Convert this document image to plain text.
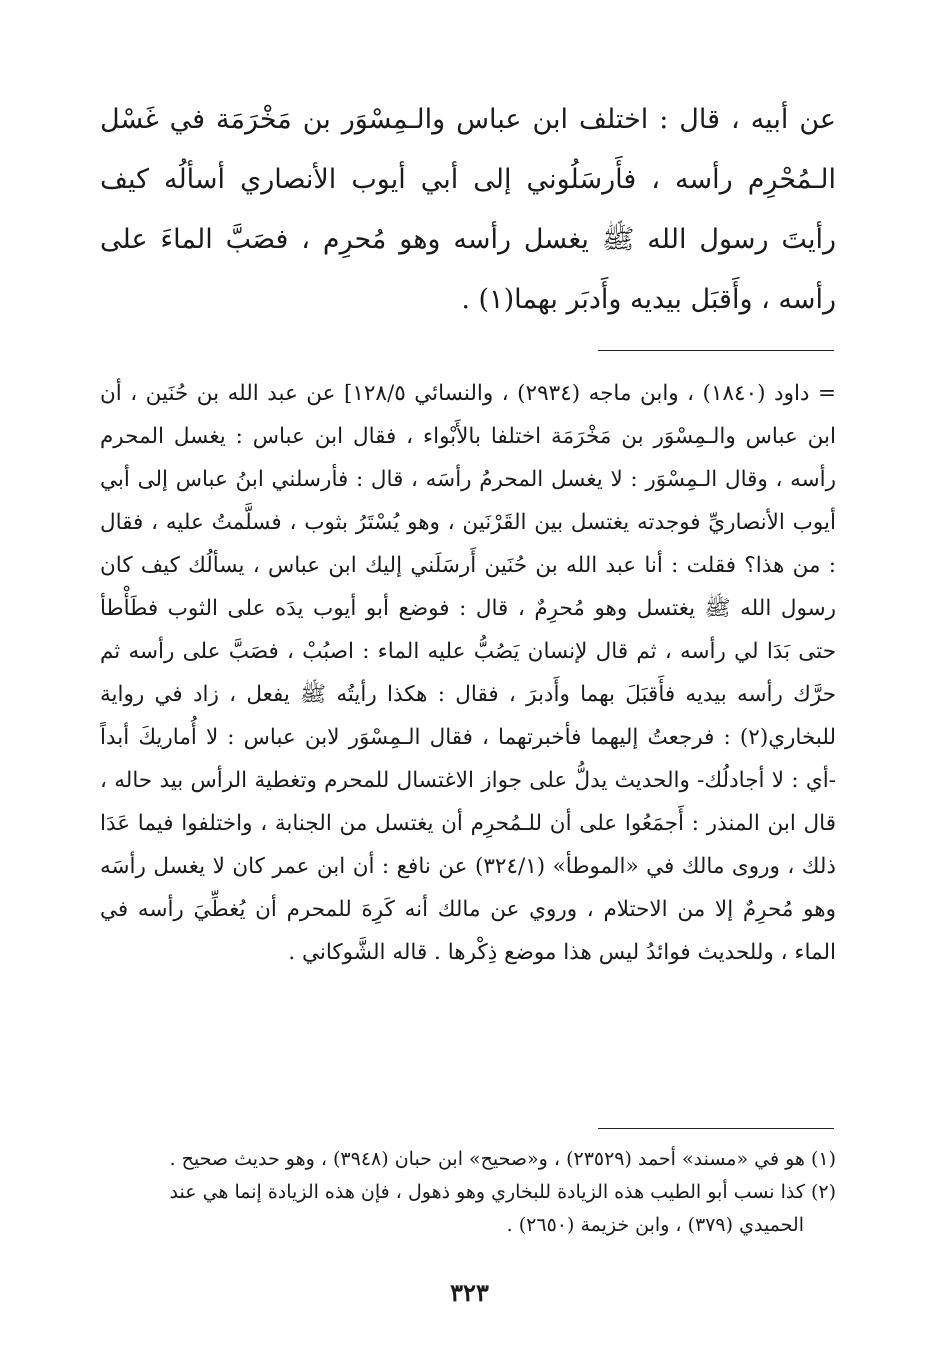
عن أبيه ، قال : اختلف ابن عباس والـمِسْوَر بن مَخْرَمَة في غَسْل الـمُحْرِم رأسه ، فأَرسَلُوني إلى أبي أيوب الأنصاري أسألُه كيف رأيتَ رسول الله ﷺ يغسل رأسه وهو مُحرِم ، فصَبَّ الماءَ على رأسه ، وأَقبَل بيديه وأَدبَر بهما(١) .

= داود (١٨٤٠) ، وابن ماجه (٢٩٣٤) ، والنسائي ١٢٨/٥] عن عبد الله بن حُنَين ، أن ابن عباس والـمِسْوَر بن مَخْرَمَة اختلفا بالأَبْواء ، فقال ابن عباس : يغسل المحرم رأسه ، وقال الـمِسْوَر : لا يغسل المحرمُ رأسَه ، قال : فأرسلني ابنُ عباس إلى أبي أيوب الأنصاريِّ فوجدته يغتسل بين القَرْنَين ، وهو يُسْتَرُ بثوب ، فسلَّمتُ عليه ، فقال : من هذا؟ فقلت : أنا عبد الله بن حُنَين أَرسَلَني إليك ابن عباس ، يسألُك كيف كان رسول الله ﷺ يغتسل وهو مُحرِمٌ ، قال : فوضع أبو أيوب يدَه على الثوب فطَأْطأ حتى بَدَا لي رأسه ، ثم قال لإنسان يَصُبُّ عليه الماء : اصبُبْ ، فصَبَّ على رأسه ثم حرَّك رأسه بيديه فأَقبَلَ بهما وأَدبرَ ، فقال : هكذا رأيتُه ﷺ يفعل ، زاد في رواية للبخاري(٢) : فرجعتُ إليهما فأخبرتهما ، فقال الـمِسْوَر لابن عباس : لا أُماريكَ أبداً -أي : لا أجادلُك- والحديث يدلُّ على جواز الاغتسال للمحرم وتغطية الرأس بيد حاله ، قال ابن المنذر : أَجمَعُوا على أن للـمُحرِم أن يغتسل من الجنابة ، واختلفوا فيما عَدَا ذلك ، وروى مالك في «الموطأ» (٣٢٤/١) عن نافع : أن ابن عمر كان لا يغسل رأسَه وهو مُحرِمٌ إلا من الاحتلام ، وروي عن مالك أنه كَرِهَ للمحرم أن يُغطِّيَ رأسه في الماء ، وللحديث فوائدُ ليس هذا موضع ذِكْرها . قاله الشَّوكاني .

(١) هو في «مسند» أحمد (٢٣٥٢٩) ، و«صحيح» ابن حبان (٣٩٤٨) ، وهو حديث صحيح .

(٢) كذا نسب أبو الطيب هذه الزيادة للبخاري وهو ذهول ، فإن هذه الزيادة إنما هي عند
الحميدي (٣٧٩) ، وابن خزيمة (٢٦٥٠) .

٣٢٣
